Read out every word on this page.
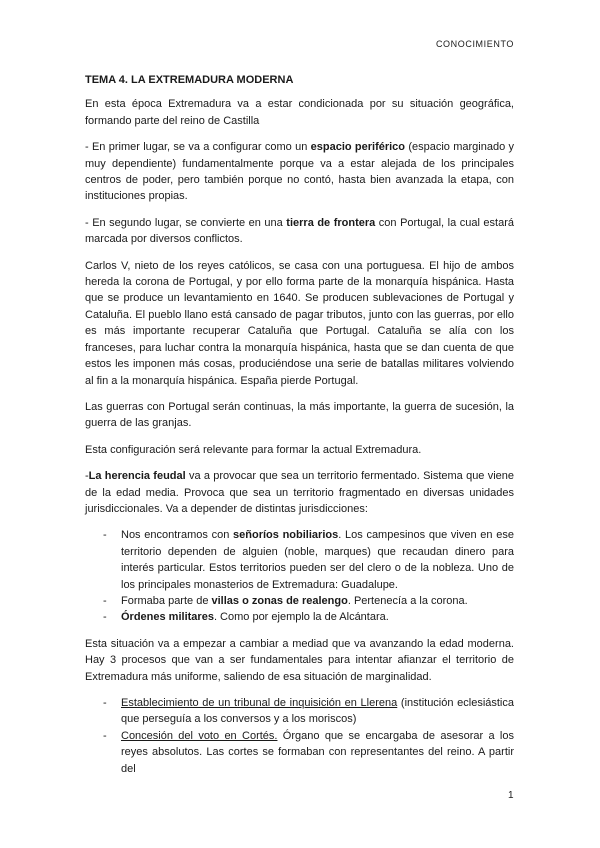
CONOCIMIENTO

TEMA 4. LA EXTREMADURA MODERNA

En esta época Extremadura va a estar condicionada por su situación geográfica, formando parte del reino de Castilla

- En primer lugar, se va a configurar como un espacio periférico (espacio marginado y muy dependiente) fundamentalmente porque va a estar alejada de los principales centros de poder, pero también porque no contó, hasta bien avanzada la etapa, con instituciones propias.

- En segundo lugar, se convierte en una tierra de frontera con Portugal, la cual estará marcada por diversos conflictos.

Carlos V, nieto de los reyes católicos, se casa con una portuguesa. El hijo de ambos hereda la corona de Portugal, y por ello forma parte de la monarquía hispánica. Hasta que se produce un levantamiento en 1640. Se producen sublevaciones de Portugal y Cataluña. El pueblo llano está cansado de pagar tributos, junto con las guerras, por ello es más importante recuperar Cataluña que Portugal. Cataluña se alía con los franceses, para luchar contra la monarquía hispánica, hasta que se dan cuenta de que estos les imponen más cosas, produciéndose una serie de batallas militares volviendo al fin a la monarquía hispánica. España pierde Portugal.

Las guerras con Portugal serán continuas, la más importante, la guerra de sucesión, la guerra de las granjas.

Esta configuración será relevante para formar la actual Extremadura.

-La herencia feudal va a provocar que sea un territorio fermentado. Sistema que viene de la edad media. Provoca que sea un territorio fragmentado en diversas unidades jurisdiccionales. Va a depender de distintas jurisdicciones:

- Nos encontramos con señoríos nobiliarios. Los campesinos que viven en ese territorio dependen de alguien (noble, marques) que recaudan dinero para interés particular. Estos territorios pueden ser del clero o de la nobleza. Uno de los principales monasterios de Extremadura: Guadalupe.
- Formaba parte de villas o zonas de realengo. Pertenecía a la corona.
- Órdenes militares. Como por ejemplo la de Alcántara.

Esta situación va a empezar a cambiar a mediad que va avanzando la edad moderna. Hay 3 procesos que van a ser fundamentales para intentar afianzar el territorio de Extremadura más uniforme, saliendo de esa situación de marginalidad.

- Establecimiento de un tribunal de inquisición en Llerena (institución eclesiástica que perseguía a los conversos y a los moriscos)
- Concesión del voto en Cortés. Órgano que se encargaba de asesorar a los reyes absolutos. Las cortes se formaban con representantes del reino. A partir del
1
